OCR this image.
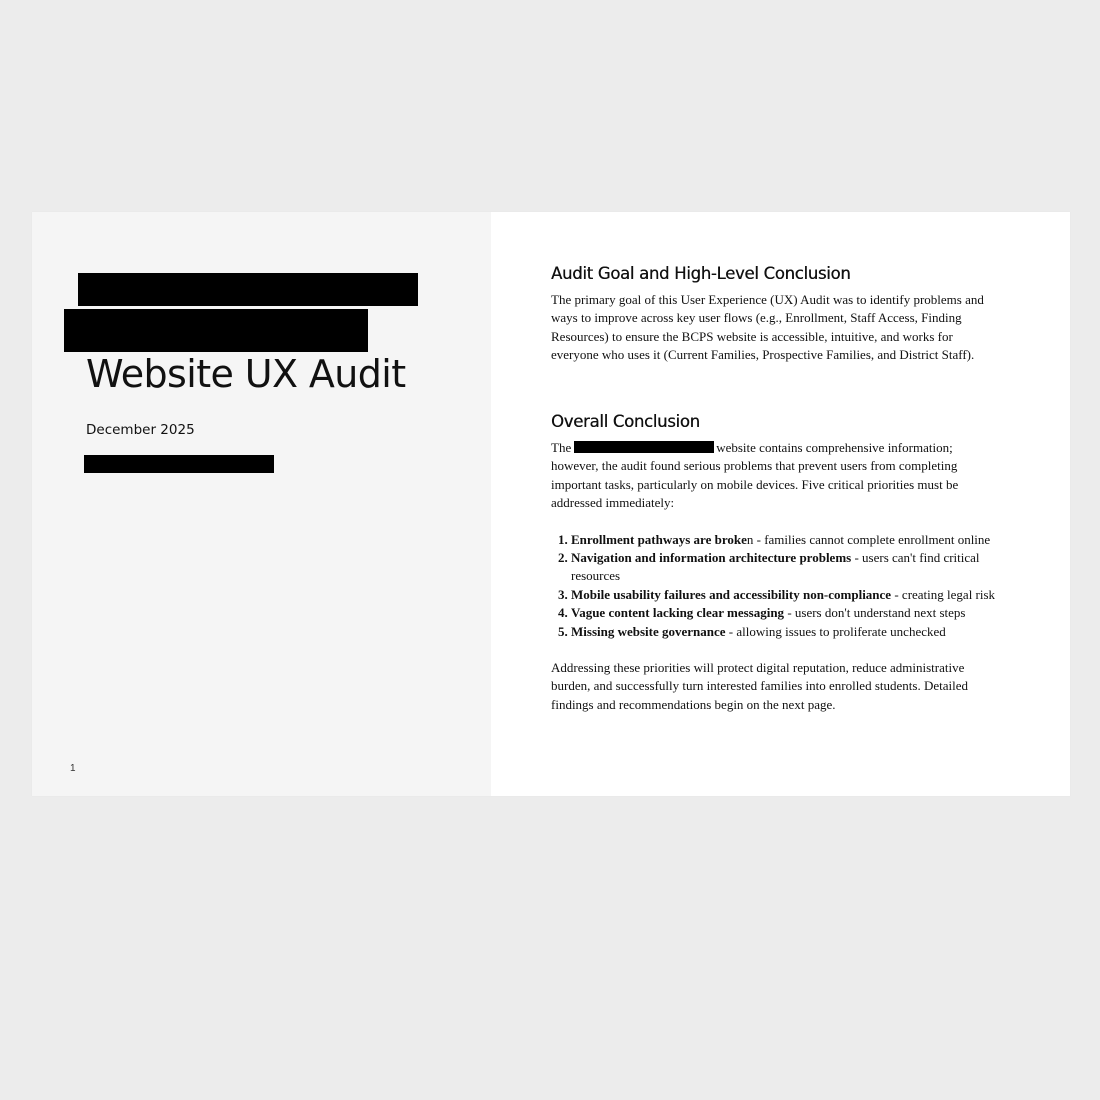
Website UX Audit
December 2025
1
Audit Goal and High-Level Conclusion

The primary goal of this User Experience (UX) Audit was to identify problems and ways to improve across key user flows (e.g., Enrollment, Staff Access, Finding Resources) to ensure the BCPS website is accessible, intuitive, and works for everyone who uses it (Current Families, Prospective Families, and District Staff).

Overall Conclusion

The	website contains comprehensive information; however, the audit found serious problems that prevent users from completing important tasks, particularly on mobile devices. Five critical priorities must be addressed immediately:

1. Enrollment pathways are broken - families cannot complete enrollment online
2. Navigation and information architecture problems - users can't find critical resources
3. Mobile usability failures and accessibility non-compliance - creating legal risk
4. Vague content lacking clear messaging - users don't understand next steps
5. Missing website governance - allowing issues to proliferate unchecked

Addressing these priorities will protect digital reputation, reduce administrative burden, and successfully turn interested families into enrolled students. Detailed findings and recommendations begin on the next page.
